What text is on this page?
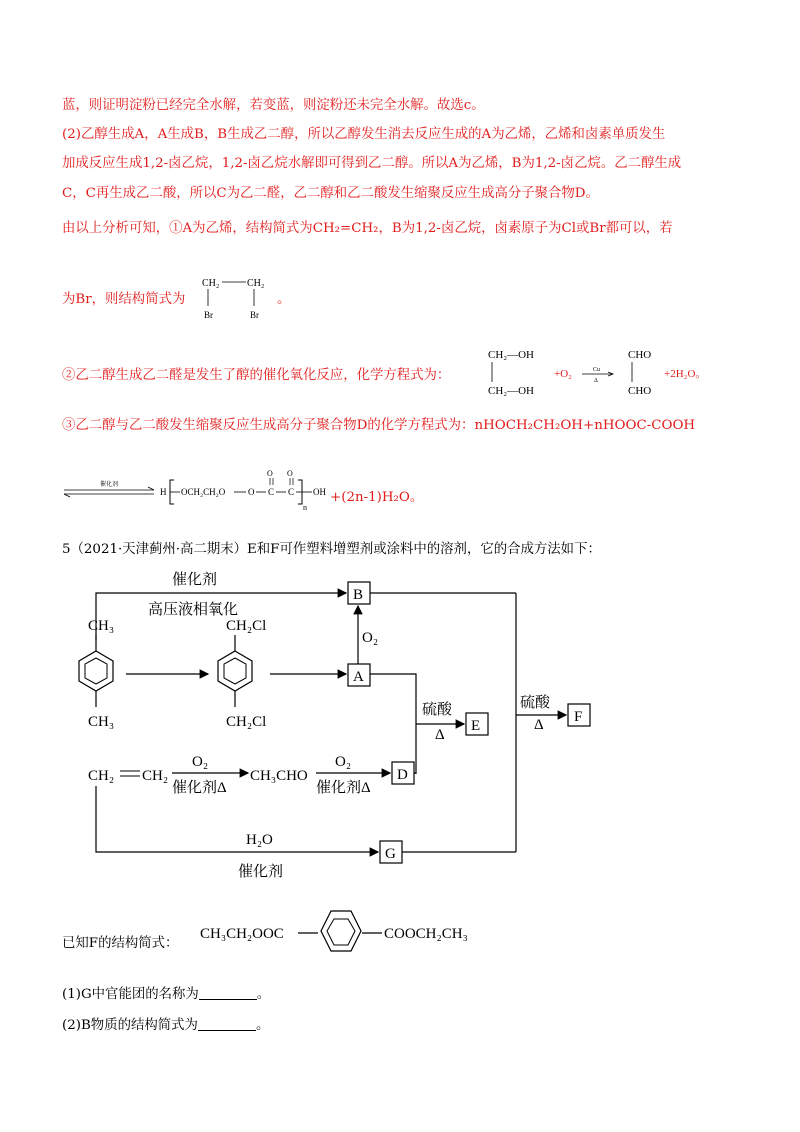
蓝，则证明淀粉已经完全水解，若变蓝，则淀粉还未完全水解。故选c。
(2)乙醇生成A，A生成B，B生成乙二醇，所以乙醇发生消去反应生成的A为乙烯，乙烯和卤素单质发生
加成反应生成1,2-卤乙烷，1,2-卤乙烷水解即可得到乙二醇。所以A为乙烯，B为1,2-卤乙烷。乙二醇生成
C，C再生成乙二酸，所以C为乙二醛，乙二醇和乙二酸发生缩聚反应生成高分子聚合物D。
由以上分析可知，①A为乙烯，结构简式为CH₂=CH₂，B为1,2-卤乙烷，卤素原子为Cl或Br都可以，若
为Br，则结构简式为
CH₂	CH₂
Br	Br
。
②乙二醇生成乙二醛是发生了醇的催化氧化反应，化学方程式为：
CH₂—OH
CH₂—OH
+O₂	Cu
Δ
CHO
CHO
+2H₂O。
③乙二醇与乙二酸发生缩聚反应生成高分子聚合物D的化学方程式为：nHOCH₂CH₂OH+nHOOC-COOH
催化剂
H OCH₂CH₂O	O C
O
C
O
n
OH +(2n-1)H₂O。
5（2021·天津蓟州·高二期末）E和F可作塑料增塑剂或涂料中的溶剂，它的合成方法如下：
催化剂
高压液相氧化
B
CH₃
CH₃
CH₂Cl
CH₂Cl
A
O₂
硫酸
Δ
E
硫酸
Δ F
CH₂ CH₂
O₂
催化剂Δ
CH₃CHO
O₂
催化剂Δ
D
H₂O
催化剂
G
已知F的结构简式：
CH₃CH₂OOC	COOCH₂CH₃
(1)G中官能团的名称为	。
(2)B物质的结构简式为	。
